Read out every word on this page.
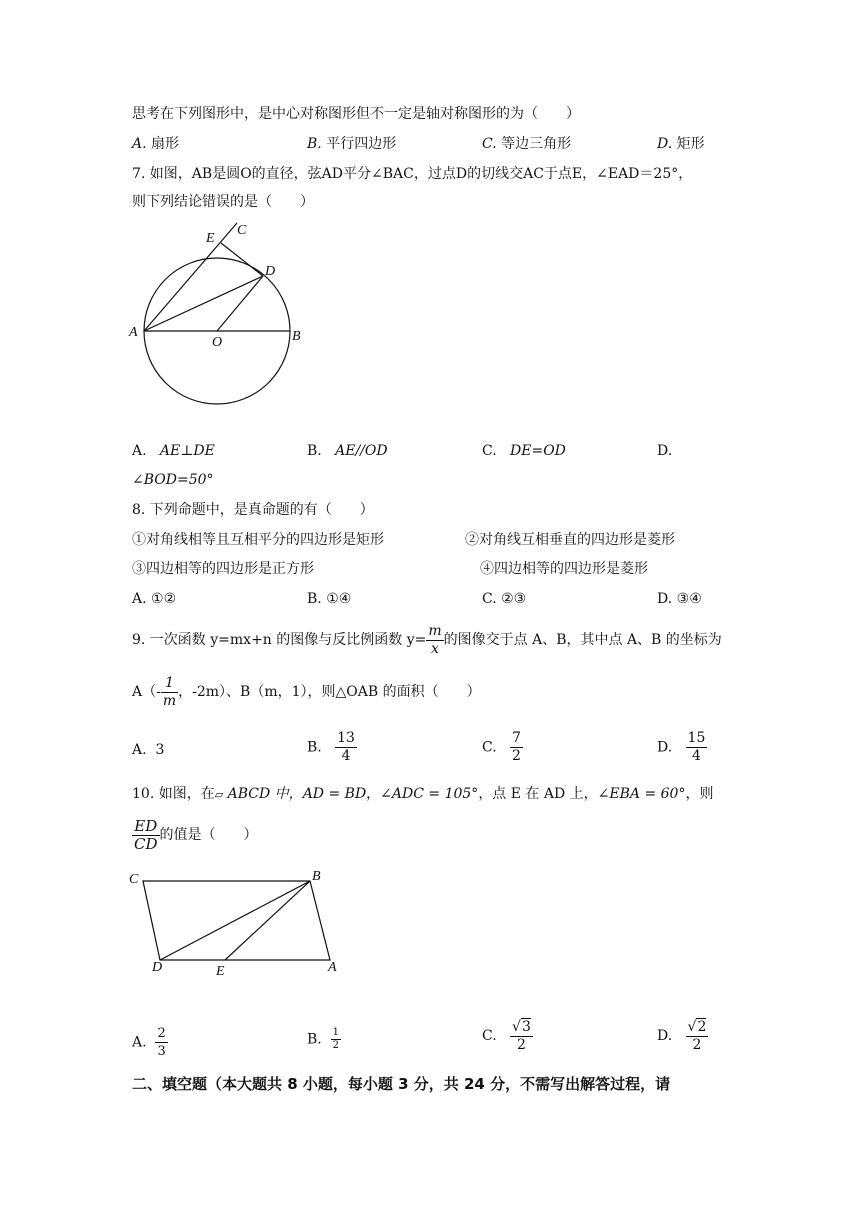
思考在下列图形中，是中心对称图形但不一定是轴对称图形的为（　　）
A. 扇形	B. 平行四边形	C. 等边三角形	D. 矩形
7. 如图，AB是圆O的直径，弦AD平分∠BAC，过点D的切线交AC于点E，∠EAD＝25°，
则下列结论错误的是（　　）
E
C
D
A
O	B
A. AE⊥DE	B. AE//OD	C. DE=OD	D.
∠BOD=50°
8. 下列命题中，是真命题的有（　　）
①对角线相等且互相平分的四边形是矩形	②对角线互相垂直的四边形是菱形
③四边相等的四边形是正方形	④四边相等的四边形是菱形
A. ①②	B. ①④	C. ②③	D. ③④
9. 一次函数 y=mx+n 的图像与反比例函数 $y= \frac{m}{x}$ 的图像交于点 A、B，其中点 A、B 的坐标为
$A(- \frac{1}{m}$ ，-2m）、B（m，1），则△OAB 的面积（　　）
A. 3	B. $\frac{13}{4}$	C. $\frac{7}{2}$	D. $\frac{15}{4}$
10. 如图，在▱ ABCD 中，AD = BD，∠ADC = 105°，点 E 在 AD 上，∠EBA = 60°，则
$\frac{ED}{CD}$ 的值是（　　）
C	B
D	E	A
A. $\frac{2}{3}$	B. $\frac{1}{2}$	C. $\frac{√3}{2}$	D. $\frac{√2}{2}$
二、填空题（本大题共 8 小题，每小题 3 分，共 24 分，不需写出解答过程，请
